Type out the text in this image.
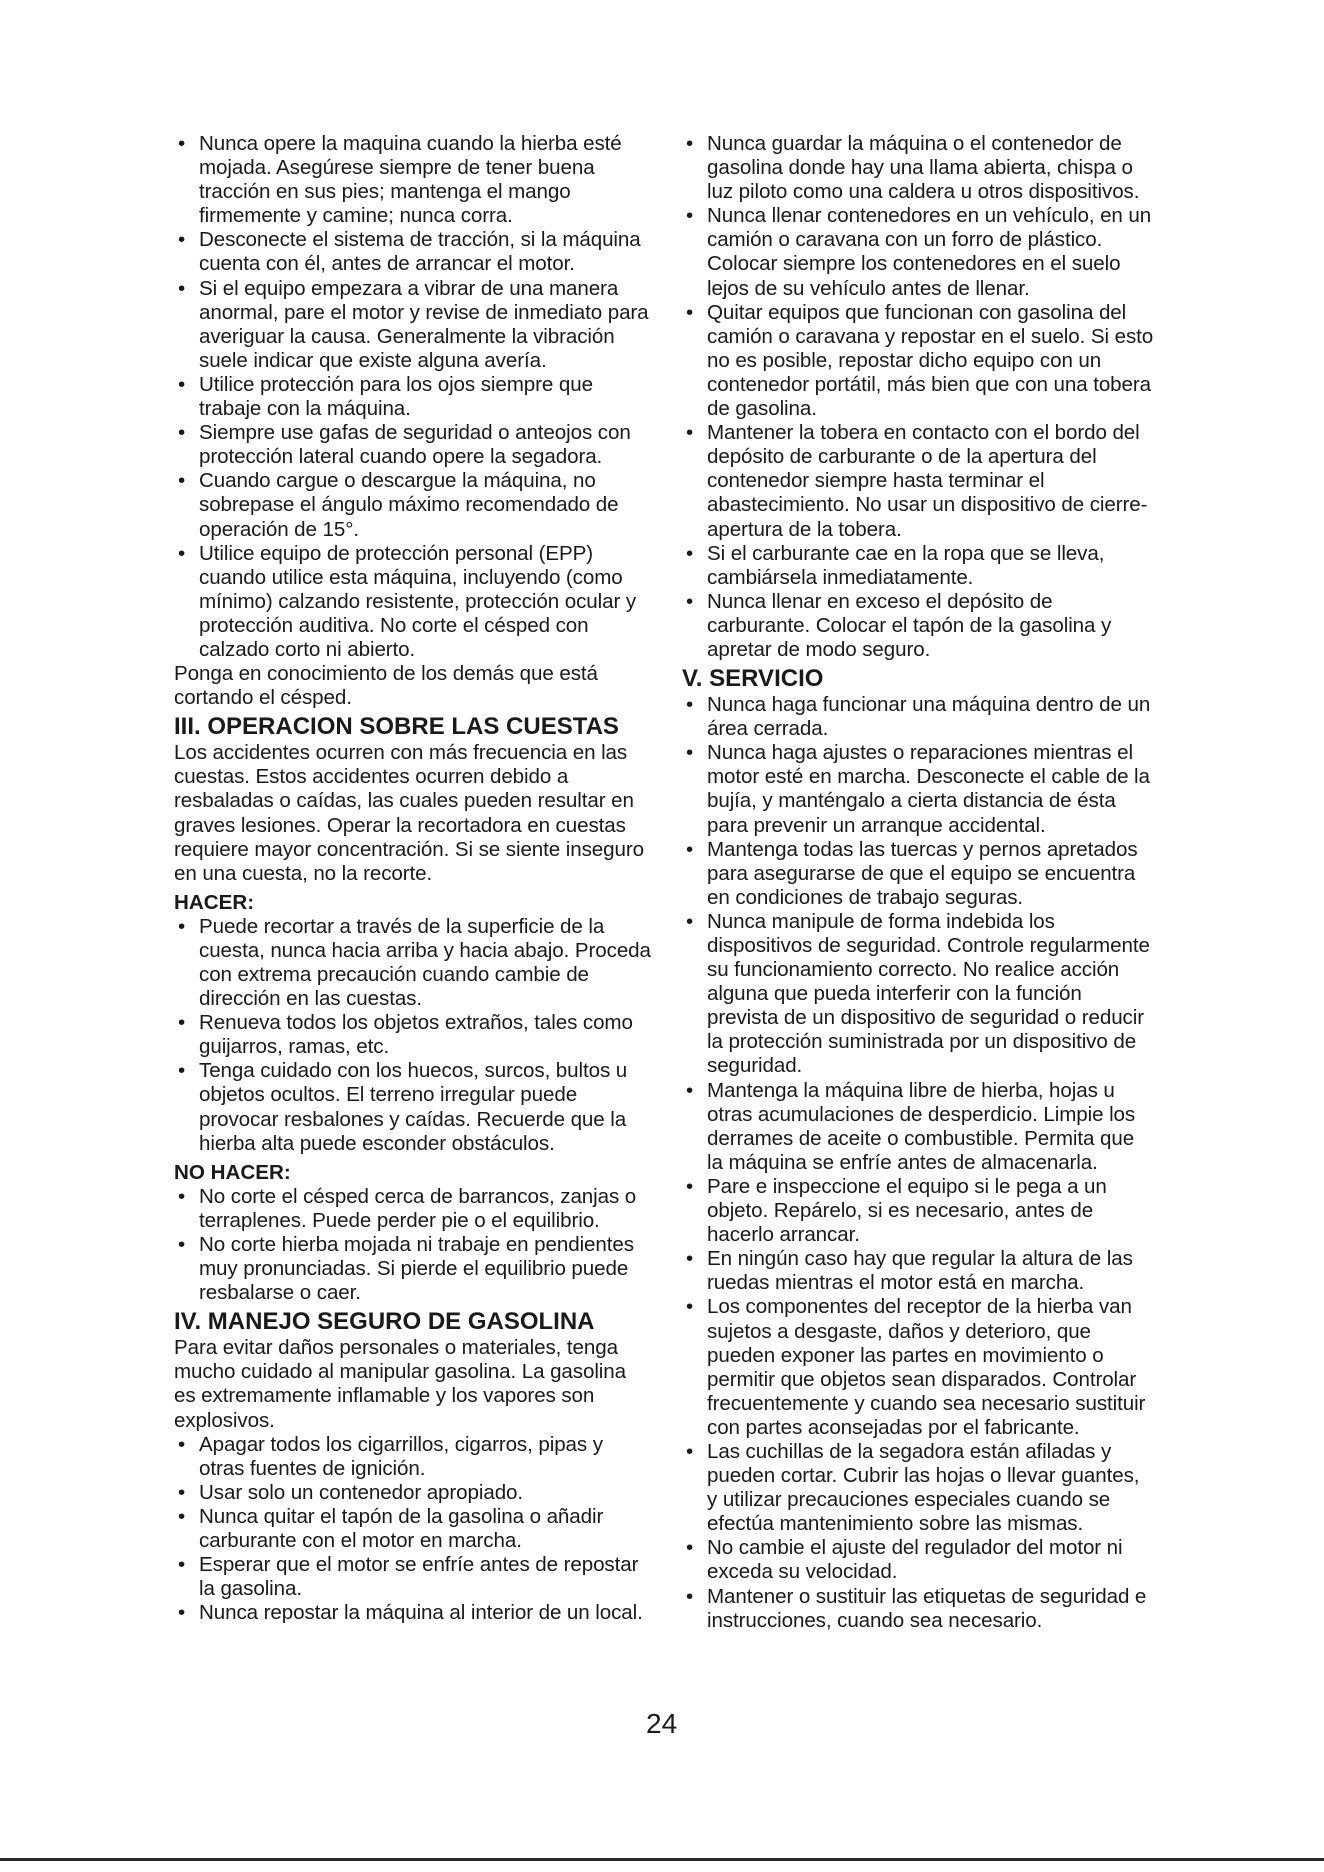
• Nunca opere la maquina cuando la hierba esté mojada. Asegúrese siempre de tener buena tracción en sus pies; mantenga el mango firmemente y camine; nunca corra.
• Desconecte el sistema de tracción, si la máquina cuenta con él, antes de arrancar el motor.
• Si el equipo empezara a vibrar de una manera anormal, pare el motor y revise de inmediato para averiguar la causa. Generalmente la vibración suele indicar que existe alguna avería.
• Utilice protección para los ojos siempre que trabaje con la máquina.
• Siempre use gafas de seguridad o anteojos con protección lateral cuando opere la segadora.
• Cuando cargue o descargue la máquina, no sobrepase el ángulo máximo recomendado de operación de 15°.
• Utilice equipo de protección personal (EPP) cuando utilice esta máquina, incluyendo (como mínimo) calzando resistente, protección ocular y protección auditiva. No corte el césped con calzado corto ni abierto.

Ponga en conocimiento de los demás que está cortando el césped.

III. OPERACION SOBRE LAS CUESTAS

Los accidentes ocurren con más frecuencia en las cuestas. Estos accidentes ocurren debido a resbaladas o caídas, las cuales pueden resultar en graves lesiones. Operar la recortadora en cuestas requiere mayor concentración. Si se siente inseguro en una cuesta, no la recorte.

HACER:
• Puede recortar a través de la superficie de la cuesta, nunca hacia arriba y hacia abajo. Proceda con extrema precaución cuando cambie de dirección en las cuestas.
• Renueva todos los objetos extraños, tales como guijarros, ramas, etc.
• Tenga cuidado con los huecos, surcos, bultos u objetos ocultos. El terreno irregular puede provocar resbalones y caídas. Recuerde que la hierba alta puede esconder obstáculos.
NO HACER:
• No corte el césped cerca de barrancos, zanjas o terraplenes. Puede perder pie o el equilibrio.
• No corte hierba mojada ni trabaje en pendientes muy pronunciadas. Si pierde el equilibrio puede resbalarse o caer.
IV. MANEJO SEGURO DE GASOLINA

Para evitar daños personales o materiales, tenga mucho cuidado al manipular gasolina. La gasolina es extremamente inflamable y los vapores son explosivos.

• Apagar todos los cigarrillos, cigarros, pipas y otras fuentes de ignición.
• Usar solo un contenedor apropiado.
• Nunca quitar el tapón de la gasolina o añadir carburante con el motor en marcha.
• Esperar que el motor se enfríe antes de repostar la gasolina.
• Nunca repostar la máquina al interior de un local.
• Nunca guardar la máquina o el contenedor de gasolina donde hay una llama abierta, chispa o luz piloto como una caldera u otros dispositivos.
• Nunca llenar contenedores en un vehículo, en un camión o caravana con un forro de plástico. Colocar siempre los contenedores en el suelo lejos de su vehículo antes de llenar.
• Quitar equipos que funcionan con gasolina del camión o caravana y repostar en el suelo. Si esto no es posible, repostar dicho equipo con un contenedor portátil, más bien que con una tobera de gasolina.
• Mantener la tobera en contacto con el bordo del depósito de carburante o de la apertura del contenedor siempre hasta terminar el abastecimiento. No usar un dispositivo de cierre-apertura de la tobera.
• Si el carburante cae en la ropa que se lleva, cambiársela inmediatamente.
• Nunca llenar en exceso el depósito de carburante. Colocar el tapón de la gasolina y apretar de modo seguro.
V. SERVICIO
• Nunca haga funcionar una máquina dentro de un área cerrada.
• Nunca haga ajustes o reparaciones mientras el motor esté en marcha. Desconecte el cable de la bujía, y manténgalo a cierta distancia de ésta para prevenir un arranque accidental.
• Mantenga todas las tuercas y pernos apretados para asegurarse de que el equipo se encuentra en condiciones de trabajo seguras.
• Nunca manipule de forma indebida los dispositivos de seguridad. Controle regularmente su funcionamiento correcto. No realice acción alguna que pueda interferir con la función prevista de un dispositivo de seguridad o reducir la protección suministrada por un dispositivo de seguridad.
• Mantenga la máquina libre de hierba, hojas u otras acumulaciones de desperdicio. Limpie los derrames de aceite o combustible. Permita que la máquina se enfríe antes de almacenarla.
• Pare e inspeccione el equipo si le pega a un objeto. Repárelo, si es necesario, antes de hacerlo arrancar.
• En ningún caso hay que regular la altura de las ruedas mientras el motor está en marcha.
• Los componentes del receptor de la hierba van sujetos a desgaste, daños y deterioro, que pueden exponer las partes en movimiento o permitir que objetos sean disparados. Controlar frecuentemente y cuando sea necesario sustituir con partes aconsejadas por el fabricante.
• Las cuchillas de la segadora están afiladas y pueden cortar. Cubrir las hojas o llevar guantes, y utilizar precauciones especiales cuando se efectúa mantenimiento sobre las mismas.
• No cambie el ajuste del regulador del motor ni exceda su velocidad.
• Mantener o sustituir las etiquetas de seguridad e instrucciones, cuando sea necesario.
24
